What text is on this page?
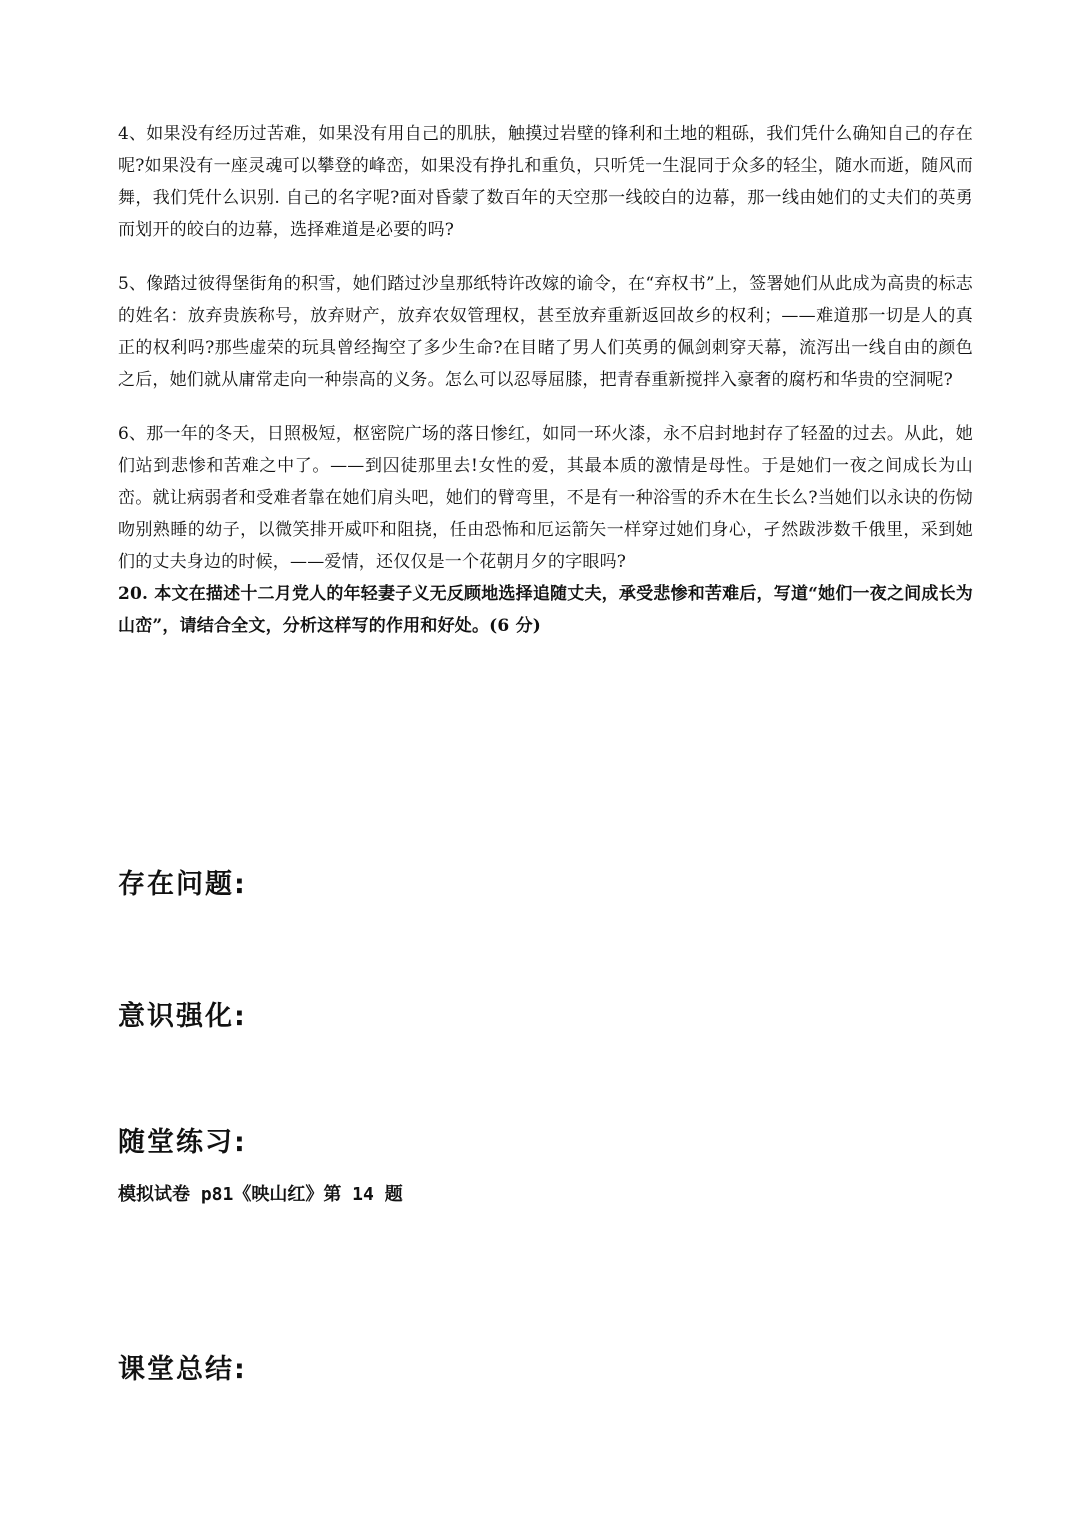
4、如果没有经历过苦难，如果没有用自己的肌肤，触摸过岩壁的锋利和土地的粗砾，我们凭什么确知自己的存在呢?如果没有一座灵魂可以攀登的峰峦，如果没有挣扎和重负，只听凭一生混同于众多的轻尘，随水而逝，随风而舞，我们凭什么识别. 自己的名字呢?面对昏蒙了数百年的天空那一线皎白的边幕，那一线由她们的丈夫们的英勇而划开的皎白的边幕，选择难道是必要的吗?

5、像踏过彼得堡街角的积雪，她们踏过沙皇那纸特许改嫁的谕令，在“弃权书”上，签署她们从此成为高贵的标志的姓名：放弃贵族称号，放弃财产，放弃农奴管理权，甚至放弃重新返回故乡的权利；——难道那一切是人的真正的权利吗?那些虚荣的玩具曾经掏空了多少生命?在目睹了男人们英勇的佩剑刺穿天幕，流泻出一线自由的颜色之后，她们就从庸常走向一种崇高的义务。怎么可以忍辱屈膝，把青春重新搅拌入豪奢的腐朽和华贵的空洞呢?

6、那一年的冬天，日照极短，枢密院广场的落日惨红，如同一环火漆，永不启封地封存了轻盈的过去。从此，她们站到悲惨和苦难之中了。——到囚徒那里去!女性的爱，其最本质的激情是母性。于是她们一夜之间成长为山峦。就让病弱者和受难者靠在她们肩头吧，她们的臂弯里，不是有一种浴雪的乔木在生长么?当她们以永诀的伤恸吻别熟睡的幼子，以微笑排开威吓和阻挠，任由恐怖和厄运箭矢一样穿过她们身心，孑然跋涉数千俄里，采到她们的丈夫身边的时候，——爱情，还仅仅是一个花朝月夕的字眼吗?

20. 本文在描述十二月党人的年轻妻子义无反顾地选择追随丈夫，承受悲惨和苦难后，写道“她们一夜之间成长为山峦”，请结合全文，分析这样写的作用和好处。(6 分)

存在问题:
意识强化:
随堂练习:

模拟试卷 p81《映山红》第 14 题

课堂总结:
